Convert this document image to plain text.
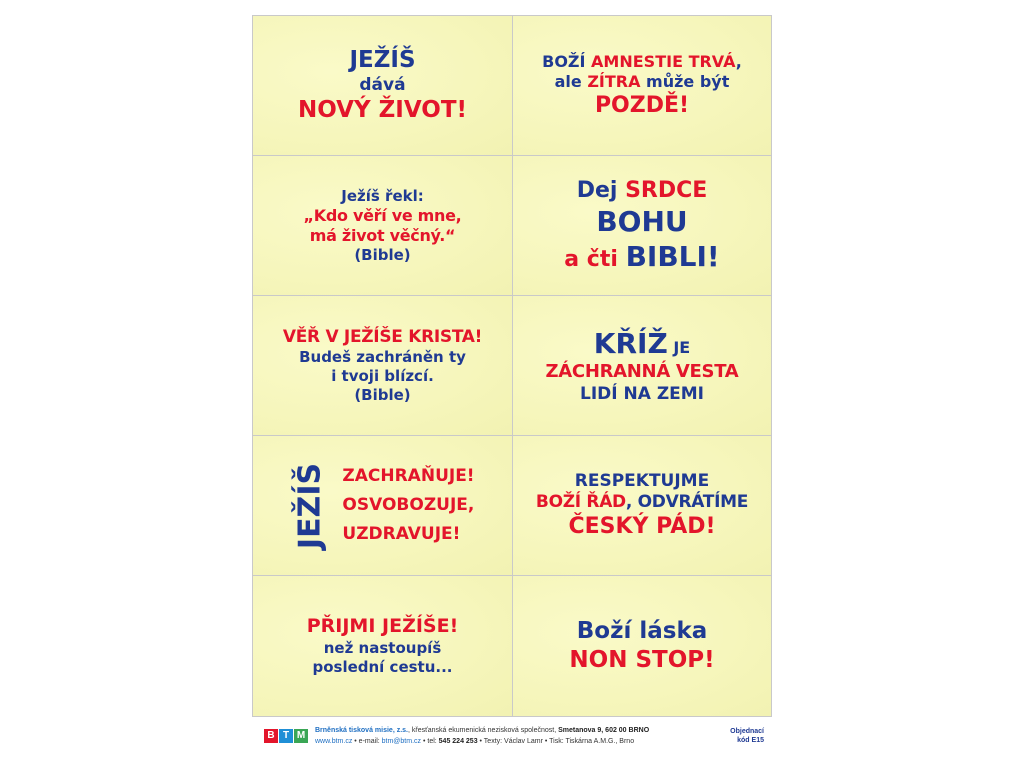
JEŽÍŠ
dává
NOVÝ ŽIVOT!
BOŽÍ AMNESTIE TRVÁ,
ale ZÍTRA může být
POZDĚ!
Ježíš řekl:
„Kdo věří ve mne,
má život věčný.“
(Bible)
Dej SRDCE
BOHU
a čti BIBLI!
VĚŘ V JEŽÍŠE KRISTA!
Budeš zachráněn ty
i tvoji blízcí.
(Bible)
KŘÍŽ JE
ZÁCHRANNÁ VESTA
LIDÍ NA ZEMI
JEŽÍŠ ZACHRAŇUJE!
OSVOBOZUJE,
UZDRAVUJE!
RESPEKTUJME
BOŽÍ ŘÁD, ODVRÁTÍME
ČESKÝ PÁD!
PŘIJMI JEŽÍŠE!
než nastoupíš
poslední cestu...
Boží láska
NON STOP!
B T M	Brněnská tisková misie, z.s., křesťanská ekumenická nezisková společnost, Smetanova 9, 602 00 BRNO
www.btm.cz • e-mail: btm@btm.cz • tel: 545 224 253 • Texty: Václav Lamr • Tisk: Tiskárna A.M.G., Brno
Objednací
kód E15
